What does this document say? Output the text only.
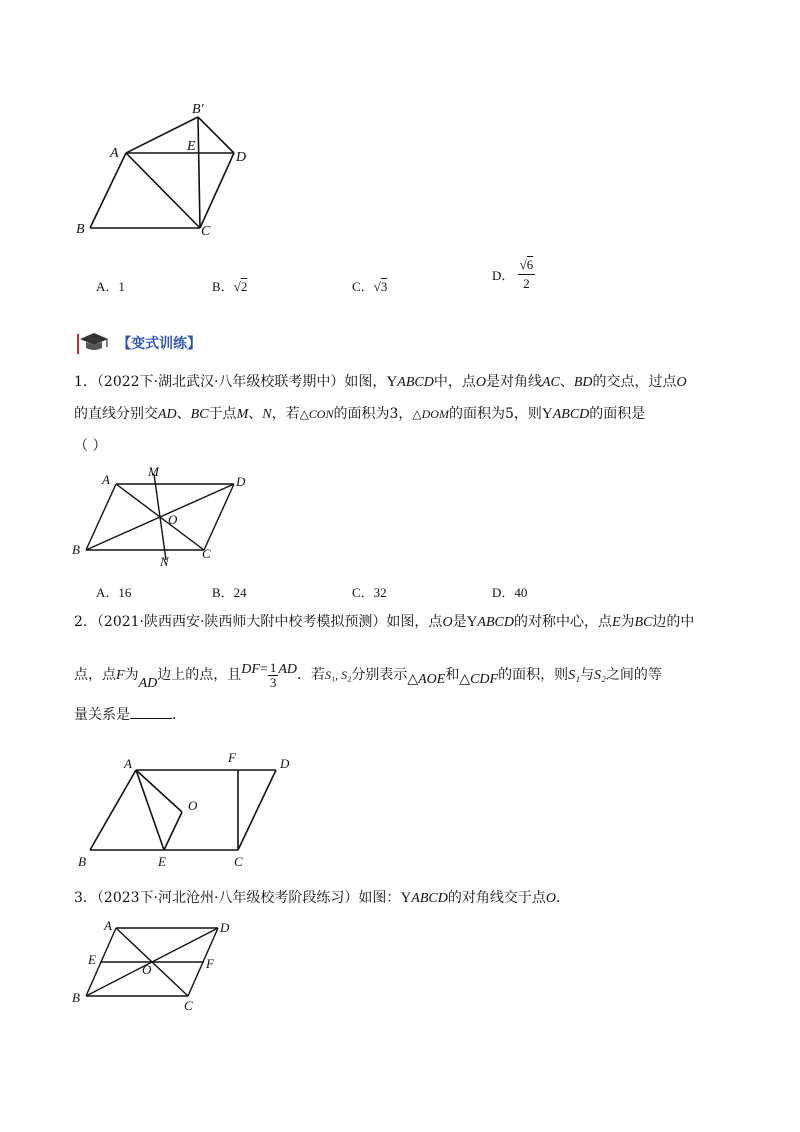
B′
A	E
D
B	C
A．1	B．√2	C．√3
D． $\frac{√6}{2}$
【变式训练】
1．（2022下·湖北武汉·八年级校联考期中）如图，YABCD中，点O是对角线AC、BD的交点，过点O
的直线分别交AD、BC于点M、N，若△CON的面积为3，△DOM的面积为5，则YABCD的面积是
（ ）
A
M
D
O
B
N
C
A．16	B．24	C．32	D．40
2．（2021·陕西西安·陕西师大附中校考模拟预测）如图，点O是YABCD的对称中心，点E为BC边的中
点，点F为AD边上的点，且$DF= \frac{1}{3}$ AD．若S₁, S₂分别表示△AOE和△CDF的面积，则S₁与S₂之间的等
量关系是	．
A	F	D
O
B	E	C
3．（2023下·河北沧州·八年级校考阶段练习）如图：YABCD的对角线交于点O．
A	D
E
O	F
B
C
